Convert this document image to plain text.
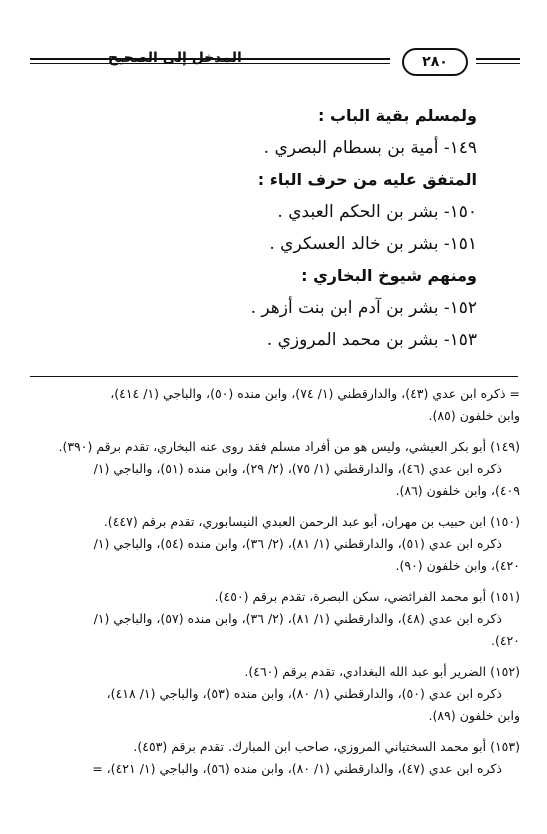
٢٨٠
المدخل إلى الصحيح
ولمسلم بقية الباب :
١٤٩- أمية بن بسطام البصري .
المتفق عليه من حرف الباء :
١٥٠- بشر بن الحكم العبدي .
١٥١- بشر بن خالد العسكري .
ومنهم شيوخ البخاري :
١٥٢- بشر بن آدم ابن بنت أزهر .
١٥٣- بشر بن محمد المروزي .
= ذكره ابن عدي (٤٣)، والدارقطني (١/ ٧٤)، وابن منده (٥٠)، والباجي (١/ ٤١٤)،
وابن خلفون (٨٥).
(١٤٩) أبو بكر العيشي، وليس هو من أفراد مسلم فقد روى عنه البخاري، تقدم برقم (٣٩٠).
ذكره ابن عدي (٤٦)، والدارقطني (١/ ٧٥)، (٢/ ٢٩)، وابن منده (٥١)، والباجي (١/
٤٠٩)، وابن خلفون (٨٦).
(١٥٠) ابن حبيب بن مهران، أبو عبد الرحمن العبدي النيسابوري، تقدم برقم (٤٤٧).
ذكره ابن عدي (٥١)، والدارقطني (١/ ٨١)، (٢/ ٣٦)، وابن منده (٥٤)، والباجي (١/
٤٢٠)، وابن خلفون (٩٠).
(١٥١) أبو محمد الفرائضي، سكن البصرة، تقدم برقم (٤٥٠).
ذكره ابن عدي (٤٨)، والدارقطني (١/ ٨١)، (٢/ ٣٦)، وابن منده (٥٧)، والباجي (١/
٤٢٠).
(١٥٢) الضرير أبو عبد الله البغدادي، تقدم برقم (٤٦٠).
ذكره ابن عدي (٥٠)، والدارقطني (١/ ٨٠)، وابن منده (٥٣)، والباجي (١/ ٤١٨)،
وابن خلفون (٨٩).
(١٥٣) أبو محمد السختياني المروزي، صاحب ابن المبارك. تقدم برقم (٤٥٣).
ذكره ابن عدي (٤٧)، والدارقطني (١/ ٨٠)، وابن منده (٥٦)، والباجي (١/ ٤٢١)، =
